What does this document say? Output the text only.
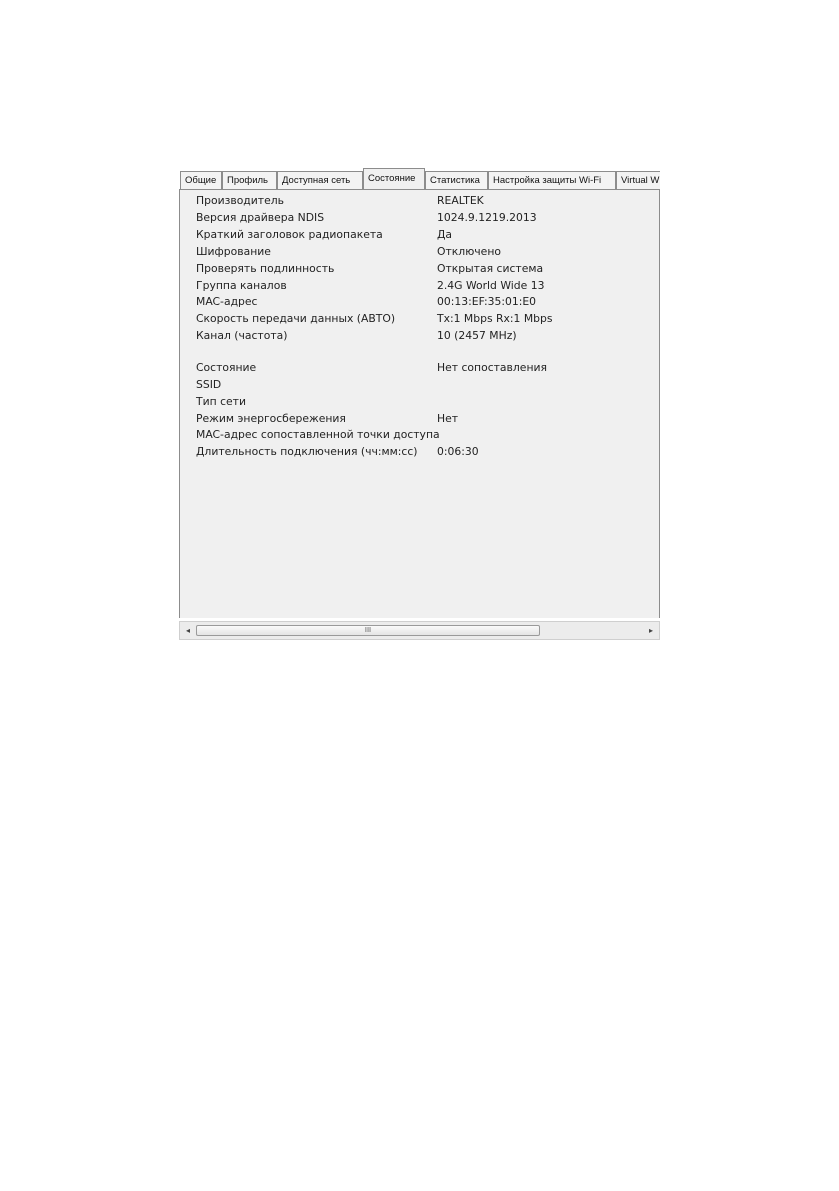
Общие	Профиль	Доступная сеть	Состояние	Статистика	Настройка защиты Wi-Fi	Virtual W
Производитель	REALTEK
Версия драйвера NDIS	1024.9.1219.2013
Краткий заголовок радиопакета	Да
Шифрование	Отключено
Проверять подлинность	Открытая система
Группа каналов	2.4G World Wide 13
MAC-адрес	00:13:EF:35:01:E0
Скорость передачи данных (АВТО)	Tx:1 Mbps Rx:1 Mbps
Канал (частота)	10 (2457 MHz)
Состояние	Нет сопоставления
SSID
Тип сети
Режим энергосбережения	Нет
MAC-адрес сопоставленной точки доступа
Длительность подключения (чч:мм:сс) 0:06:30
◂	III	▸
